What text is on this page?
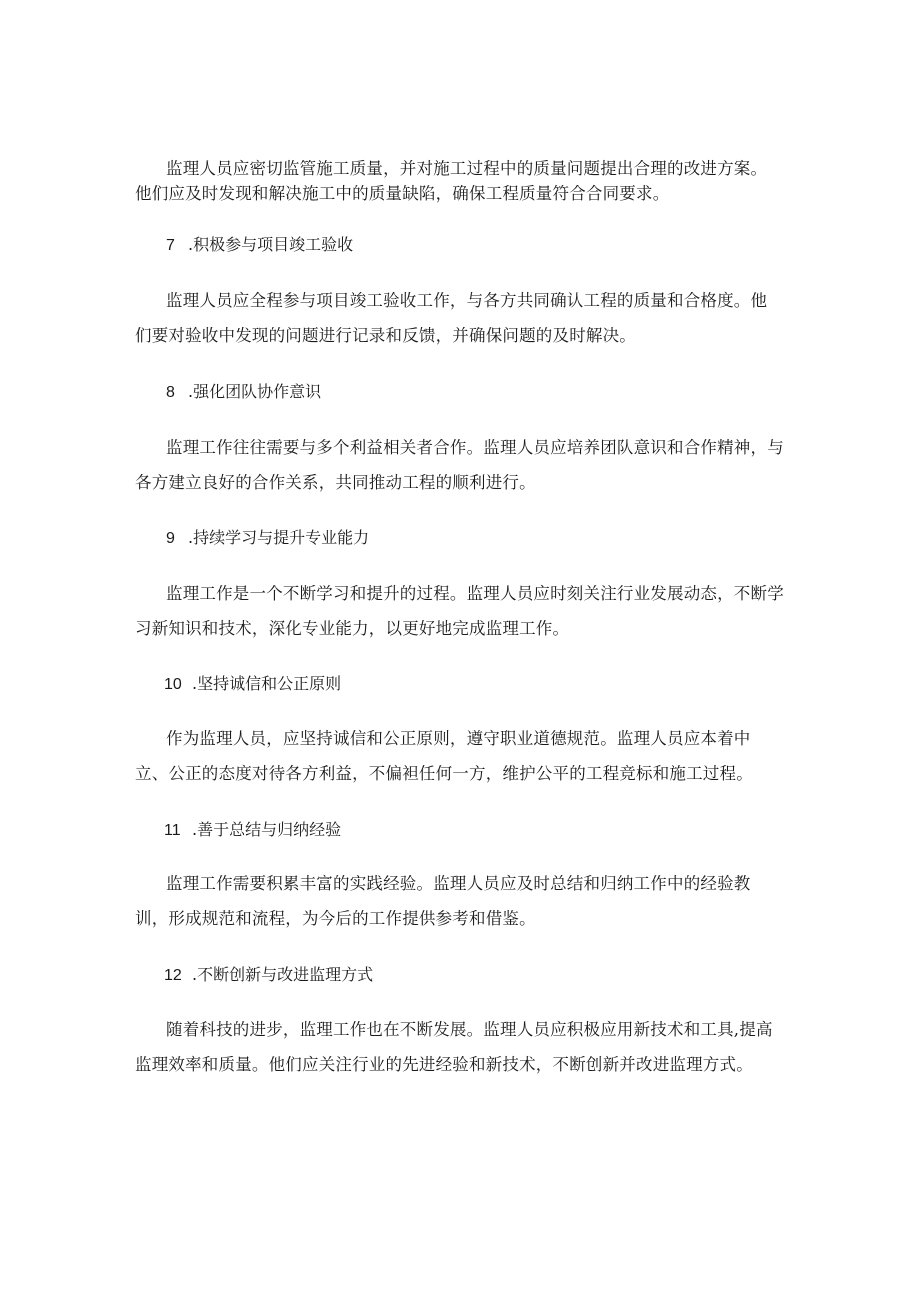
监理人员应密切监管施工质量，并对施工过程中的质量问题提出合理的改进方案。
他们应及时发现和解决施工中的质量缺陷，确保工程质量符合合同要求。
7 .积极参与项目竣工验收
监理人员应全程参与项目竣工验收工作，与各方共同确认工程的质量和合格度。他
们要对验收中发现的问题进行记录和反馈，并确保问题的及时解决。
8 .强化团队协作意识
监理工作往往需要与多个利益相关者合作。监理人员应培养团队意识和合作精神，与
各方建立良好的合作关系，共同推动工程的顺利进行。
9 .持续学习与提升专业能力
监理工作是一个不断学习和提升的过程。监理人员应时刻关注行业发展动态，不断学
习新知识和技术，深化专业能力，以更好地完成监理工作。
10 .坚持诚信和公正原则
作为监理人员，应坚持诚信和公正原则，遵守职业道德规范。监理人员应本着中
立、公正的态度对待各方利益，不偏袒任何一方，维护公平的工程竞标和施工过程。
11 .善于总结与归纳经验
监理工作需要积累丰富的实践经验。监理人员应及时总结和归纳工作中的经验教
训，形成规范和流程，为今后的工作提供参考和借鉴。
12 .不断创新与改进监理方式
随着科技的进步，监理工作也在不断发展。监理人员应积极应用新技术和工具,提高
监理效率和质量。他们应关注行业的先进经验和新技术，不断创新并改进监理方式。
